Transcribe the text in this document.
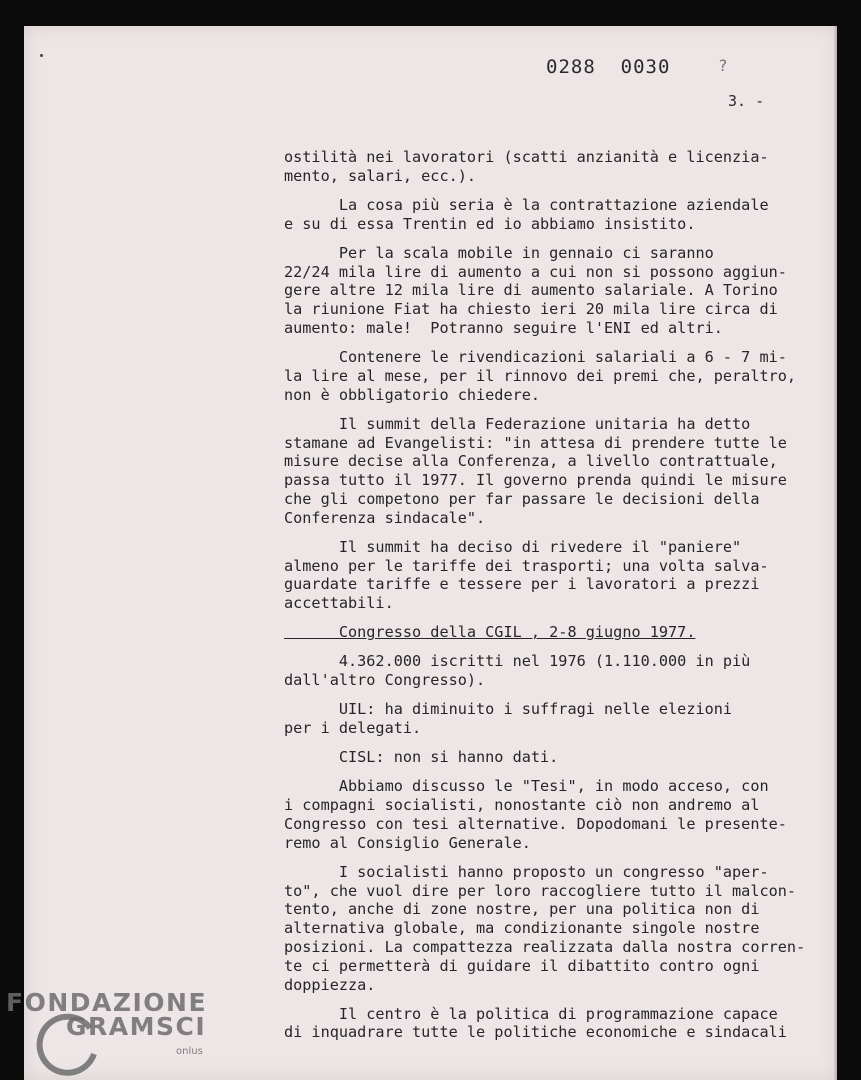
0288  0030	?
3. -
ostilità nei lavoratori (scatti anzianità e licenzia-
mento, salari, ecc.).
La cosa più seria è la contrattazione aziendale
e su di essa Trentin ed io abbiamo insistito.
Per la scala mobile in gennaio ci saranno
22/24 mila lire di aumento a cui non si possono aggiun-
gere altre 12 mila lire di aumento salariale. A Torino
la riunione Fiat ha chiesto ieri 20 mila lire circa di
aumento: male!  Potranno seguire l'ENI ed altri.
Contenere le rivendicazioni salariali a 6 - 7 mi-
la lire al mese, per il rinnovo dei premi che, peraltro,
non è obbligatorio chiedere.
Il summit della Federazione unitaria ha detto
stamane ad Evangelisti: "in attesa di prendere tutte le
misure decise alla Conferenza, a livello contrattuale,
passa tutto il 1977. Il governo prenda quindi le misure
che gli competono per far passare le decisioni della
Conferenza sindacale".
Il summit ha deciso di rivedere il "paniere"
almeno per le tariffe dei trasporti; una volta salva-
guardate tariffe e tessere per i lavoratori a prezzi
accettabili.
Congresso della CGIL , 2-8 giugno 1977.
4.362.000 iscritti nel 1976 (1.110.000 in più
dall'altro Congresso).
UIL: ha diminuito i suffragi nelle elezioni
per i delegati.
CISL: non si hanno dati.
Abbiamo discusso le "Tesi", in modo acceso, con
i compagni socialisti, nonostante ciò non andremo al
Congresso con tesi alternative. Dopodomani le presente-
remo al Consiglio Generale.
I socialisti hanno proposto un congresso "aper-
to", che vuol dire per loro raccogliere tutto il malcon-
tento, anche di zone nostre, per una politica non di
alternativa globale, ma condizionante singole nostre
posizioni. La compattezza realizzata dalla nostra corren-
te ci permetterà di guidare il dibattito contro ogni
doppiezza.
Il centro è la politica di programmazione capace
di inquadrare tutte le politiche economiche e sindacali
FONDAZIONE
GRAMSCI
onlus
